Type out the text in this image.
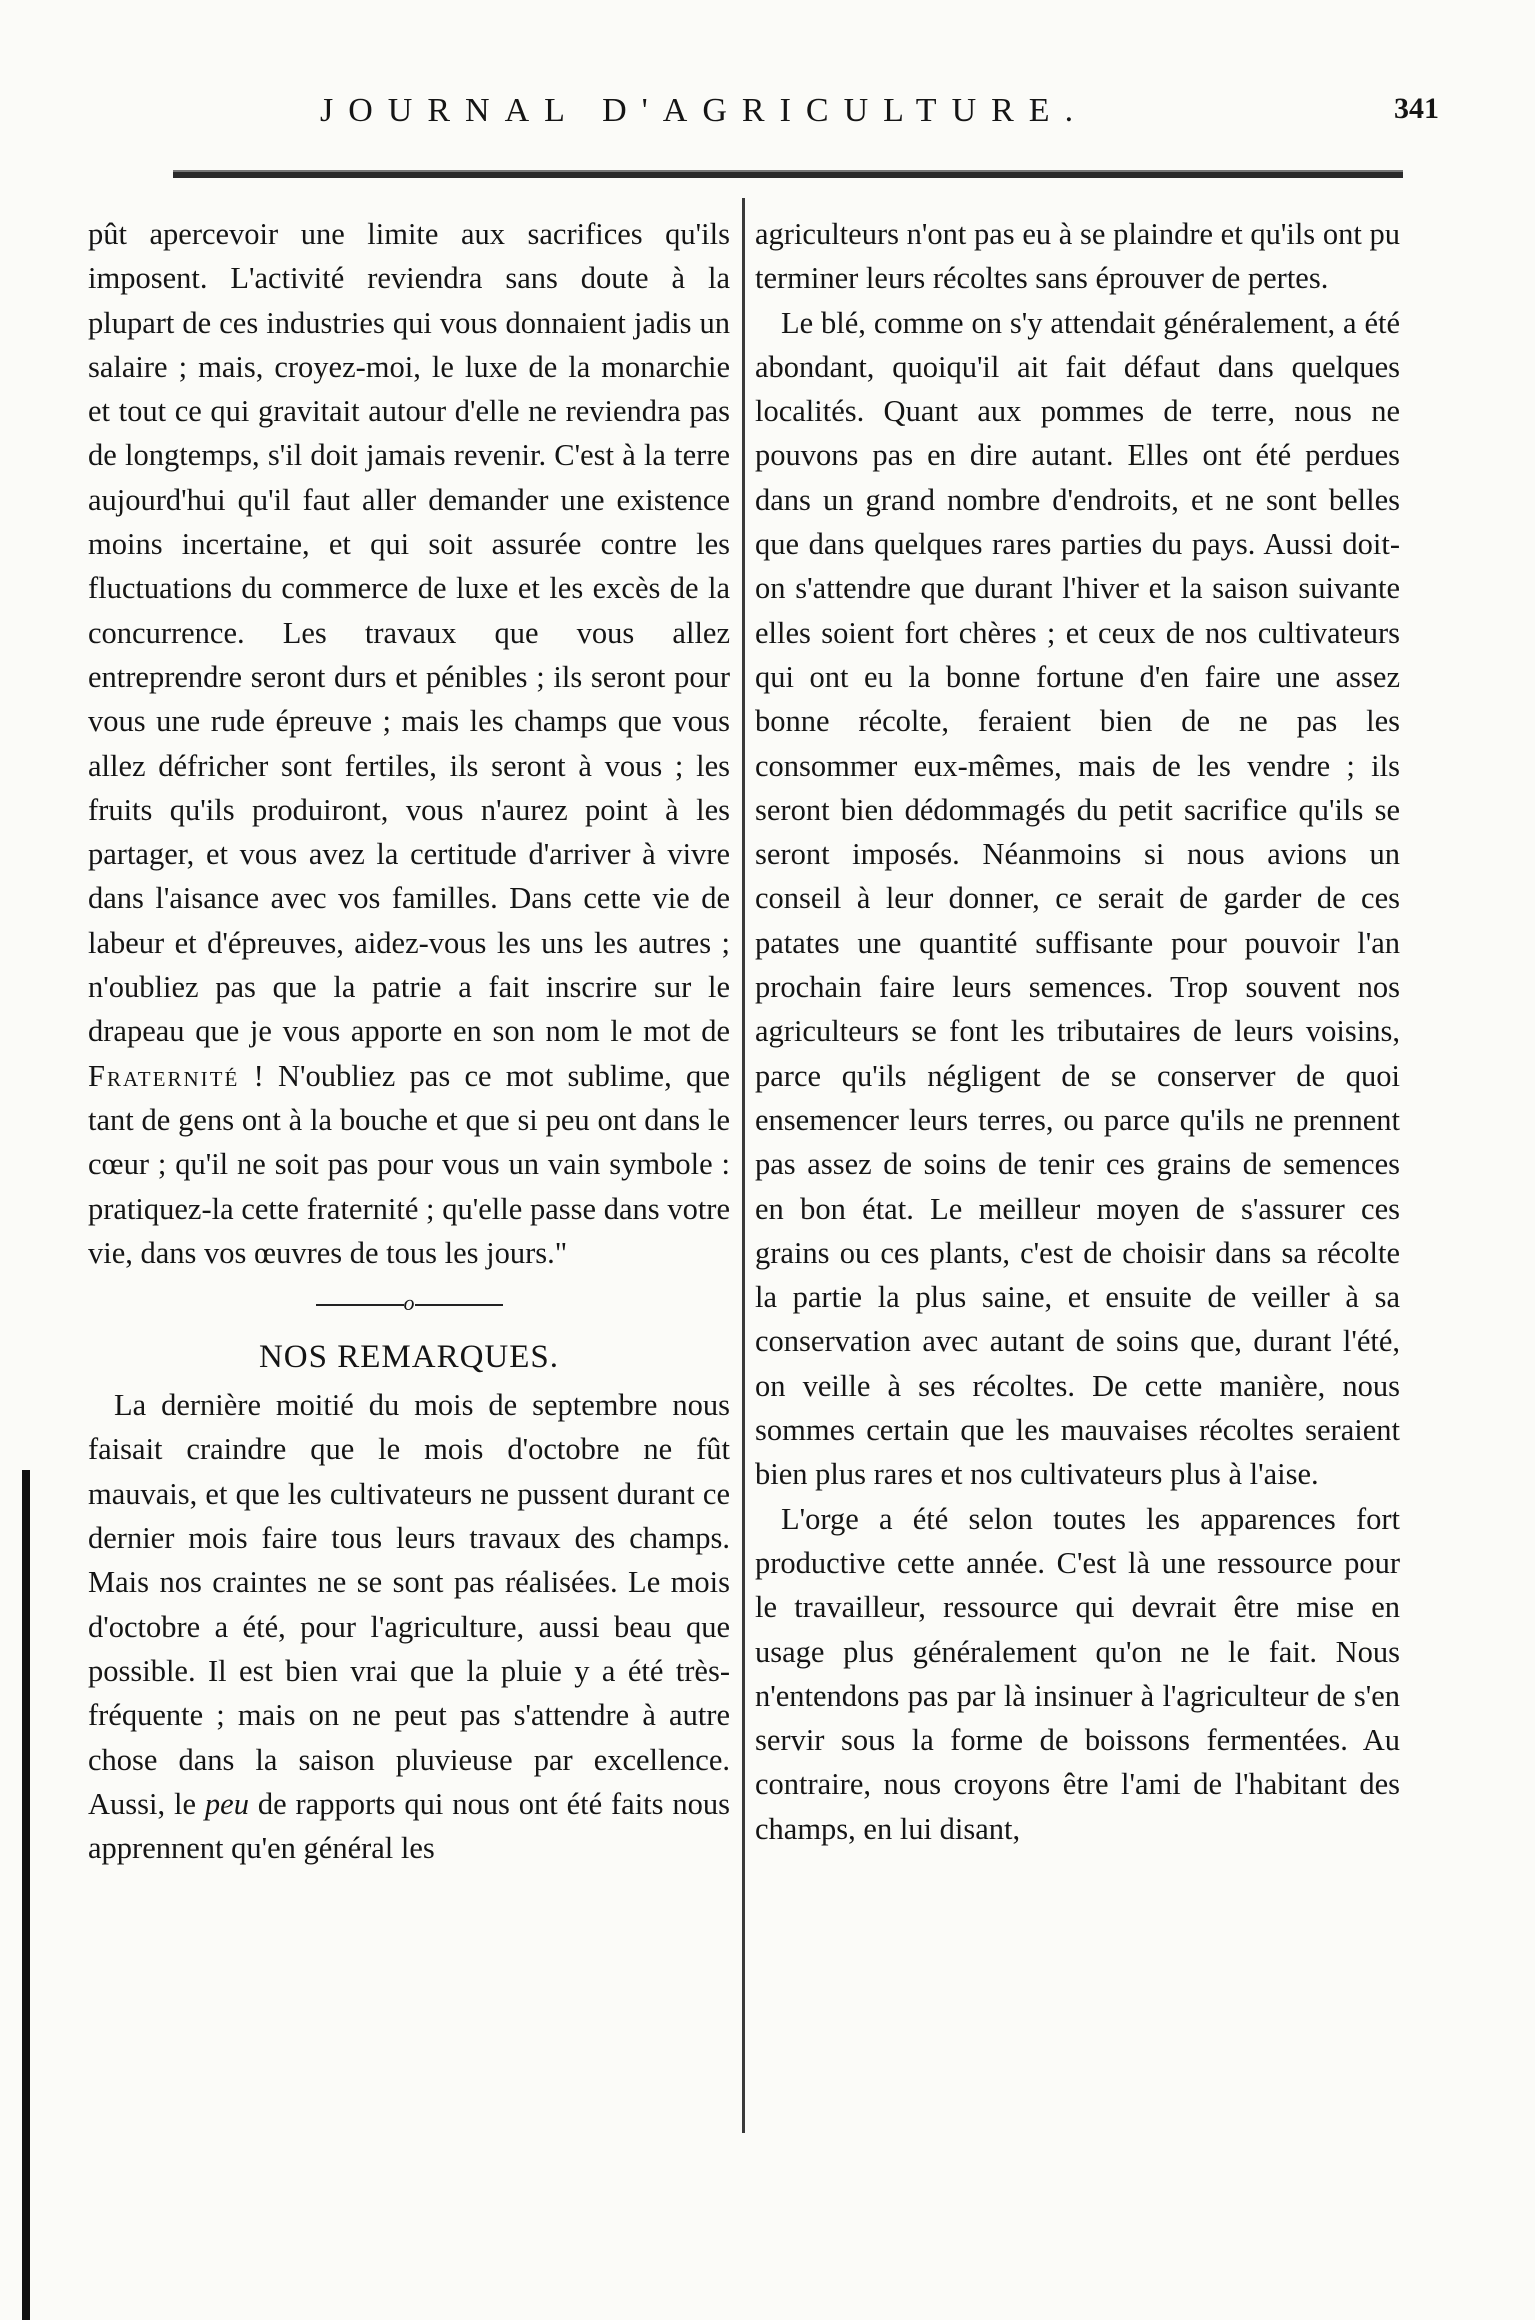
JOURNAL D'AGRICULTURE.	341

pût apercevoir une limite aux sacrifices qu'ils imposent. L'activité reviendra sans doute à la plupart de ces industries qui vous donnaient jadis un salaire ; mais, croyez-moi, le luxe de la monarchie et tout ce qui gravitait autour d'elle ne reviendra pas de longtemps, s'il doit jamais revenir. C'est à la terre aujourd'hui qu'il faut aller demander une existence moins incertaine, et qui soit assurée contre les fluctuations du commerce de luxe et les excès de la concurrence. Les travaux que vous allez entreprendre seront durs et pénibles ; ils seront pour vous une rude épreuve ; mais les champs que vous allez défricher sont fertiles, ils seront à vous ; les fruits qu'ils produiront, vous n'aurez point à les partager, et vous avez la certitude d'arriver à vivre dans l'aisance avec vos familles. Dans cette vie de labeur et d'épreuves, aidez-vous les uns les autres ; n'oubliez pas que la patrie a fait inscrire sur le drapeau que je vous apporte en son nom le mot de Fraternité ! N'oubliez pas ce mot sublime, que tant de gens ont à la bouche et que si peu ont dans le cœur ; qu'il ne soit pas pour vous un vain symbole : pratiquez-la cette fraternité ; qu'elle passe dans votre vie, dans vos œuvres de tous les jours."

o
NOS REMARQUES.

La dernière moitié du mois de septembre nous faisait craindre que le mois d'octobre ne fût mauvais, et que les cultivateurs ne pussent durant ce dernier mois faire tous leurs travaux des champs. Mais nos craintes ne se sont pas réalisées. Le mois d'octobre a été, pour l'agriculture, aussi beau que possible. Il est bien vrai que la pluie y a été très-fréquente ; mais on ne peut pas s'attendre à autre chose dans la saison pluvieuse par excellence. Aussi, le peu de rapports qui nous ont été faits nous apprennent qu'en général les

agriculteurs n'ont pas eu à se plaindre et qu'ils ont pu terminer leurs récoltes sans éprouver de pertes.

Le blé, comme on s'y attendait généralement, a été abondant, quoiqu'il ait fait défaut dans quelques localités. Quant aux pommes de terre, nous ne pouvons pas en dire autant. Elles ont été perdues dans un grand nombre d'endroits, et ne sont belles que dans quelques rares parties du pays. Aussi doit-on s'attendre que durant l'hiver et la saison suivante elles soient fort chères ; et ceux de nos cultivateurs qui ont eu la bonne fortune d'en faire une assez bonne récolte, feraient bien de ne pas les consommer eux-mêmes, mais de les vendre ; ils seront bien dédommagés du petit sacrifice qu'ils se seront imposés. Néanmoins si nous avions un conseil à leur donner, ce serait de garder de ces patates une quantité suffisante pour pouvoir l'an prochain faire leurs semences. Trop souvent nos agriculteurs se font les tributaires de leurs voisins, parce qu'ils négligent de se conserver de quoi ensemencer leurs terres, ou parce qu'ils ne prennent pas assez de soins de tenir ces grains de semences en bon état. Le meilleur moyen de s'assurer ces grains ou ces plants, c'est de choisir dans sa récolte la partie la plus saine, et ensuite de veiller à sa conservation avec autant de soins que, durant l'été, on veille à ses récoltes. De cette manière, nous sommes certain que les mauvaises récoltes seraient bien plus rares et nos cultivateurs plus à l'aise.

L'orge a été selon toutes les apparences fort productive cette année. C'est là une ressource pour le travailleur, ressource qui devrait être mise en usage plus généralement qu'on ne le fait. Nous n'entendons pas par là insinuer à l'agriculteur de s'en servir sous la forme de boissons fermentées. Au contraire, nous croyons être l'ami de l'habitant des champs, en lui disant,
